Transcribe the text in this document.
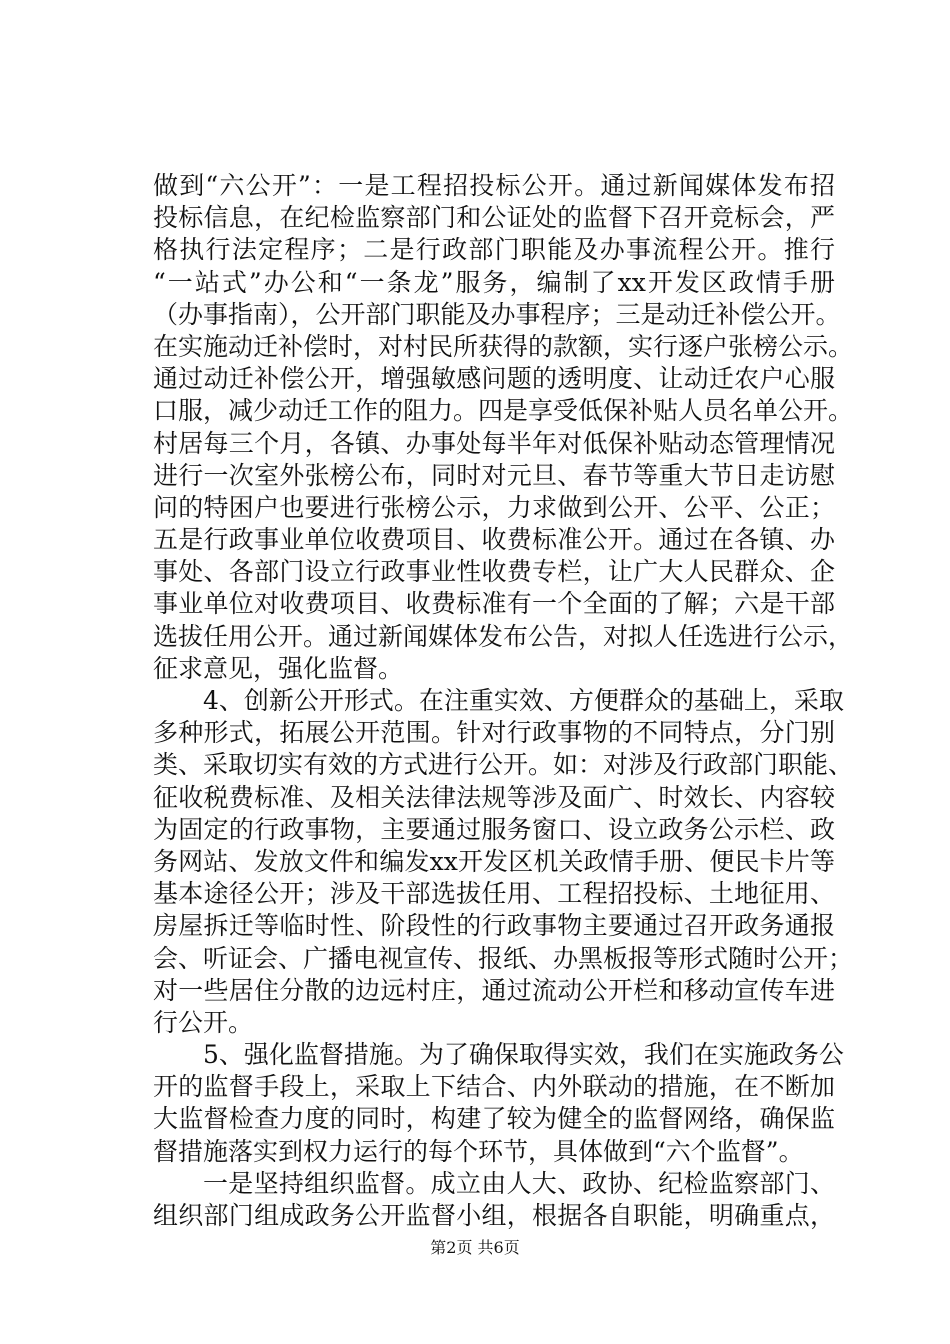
做到“六公开”：一是工程招投标公开。通过新闻媒体发布招
投标信息，在纪检监察部门和公证处的监督下召开竞标会，严
格执行法定程序；二是行政部门职能及办事流程公开。推行
“一站式”办公和“一条龙”服务，编制了xx开发区政情手册
（办事指南），公开部门职能及办事程序；三是动迁补偿公开。
在实施动迁补偿时，对村民所获得的款额，实行逐户张榜公示。
通过动迁补偿公开，增强敏感问题的透明度、让动迁农户心服
口服，减少动迁工作的阻力。四是享受低保补贴人员名单公开。
村居每三个月，各镇、办事处每半年对低保补贴动态管理情况
进行一次室外张榜公布，同时对元旦、春节等重大节日走访慰
问的特困户也要进行张榜公示，力求做到公开、公平、公正；
五是行政事业单位收费项目、收费标准公开。通过在各镇、办
事处、各部门设立行政事业性收费专栏，让广大人民群众、企
事业单位对收费项目、收费标准有一个全面的了解；六是干部
选拔任用公开。通过新闻媒体发布公告，对拟人任选进行公示，
征求意见，强化监督。
4、创新公开形式。在注重实效、方便群众的基础上，采取
多种形式，拓展公开范围。针对行政事物的不同特点，分门别
类、采取切实有效的方式进行公开。如：对涉及行政部门职能、
征收税费标准、及相关法律法规等涉及面广、时效长、内容较
为固定的行政事物，主要通过服务窗口、设立政务公示栏、政
务网站、发放文件和编发xx开发区机关政情手册、便民卡片等
基本途径公开；涉及干部选拔任用、工程招投标、土地征用、
房屋拆迁等临时性、阶段性的行政事物主要通过召开政务通报
会、听证会、广播电视宣传、报纸、办黑板报等形式随时公开；
对一些居住分散的边远村庄，通过流动公开栏和移动宣传车进
行公开。
5、强化监督措施。为了确保取得实效，我们在实施政务公
开的监督手段上，采取上下结合、内外联动的措施，在不断加
大监督检查力度的同时，构建了较为健全的监督网络，确保监
督措施落实到权力运行的每个环节，具体做到“六个监督”。
一是坚持组织监督。成立由人大、政协、纪检监察部门、
组织部门组成政务公开监督小组，根据各自职能，明确重点，
第2页 共6页
